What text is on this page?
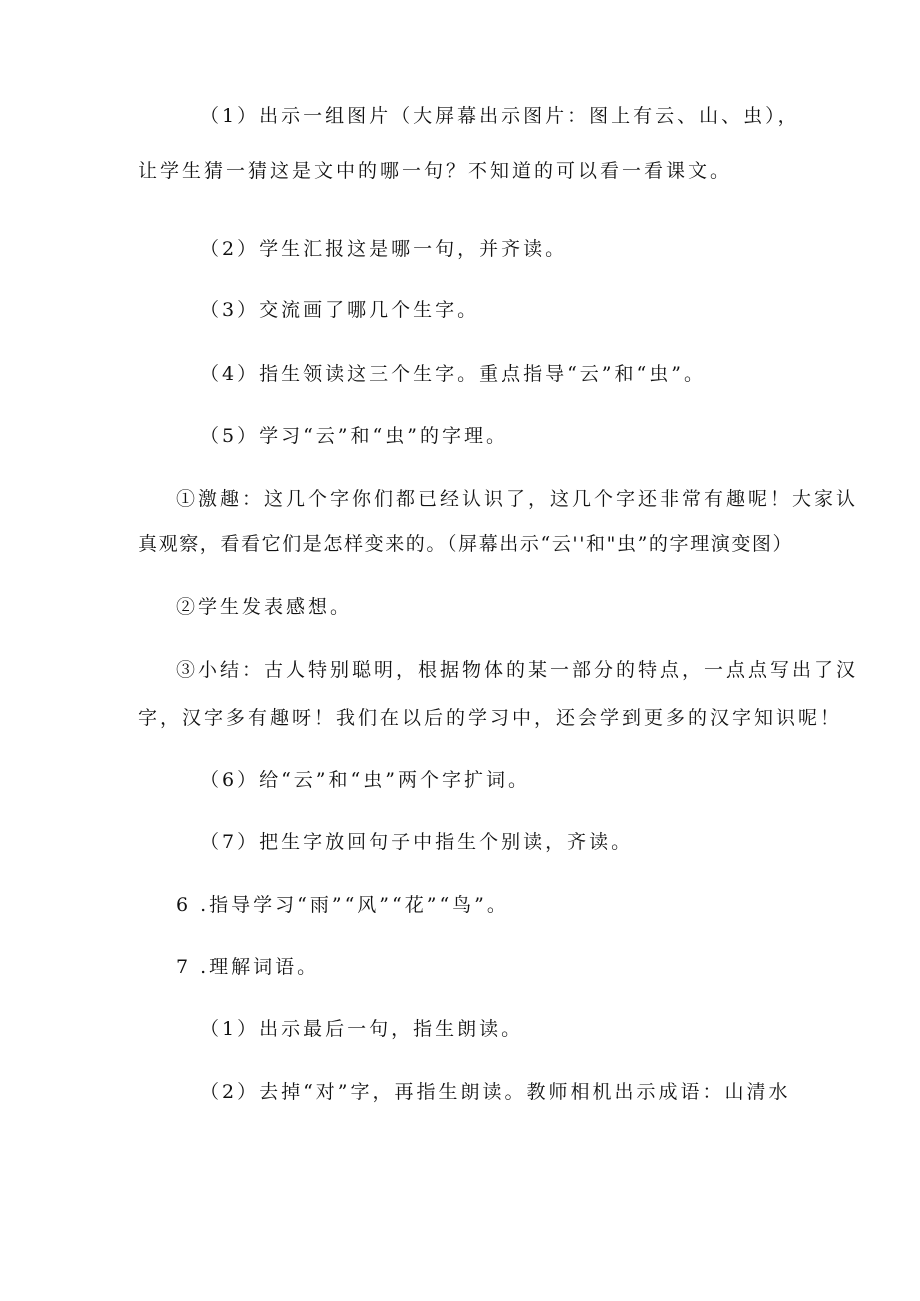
（1）出示一组图片（大屏幕出示图片：图上有云、山、虫），
让学生猜一猜这是文中的哪一句？不知道的可以看一看课文。
（2）学生汇报这是哪一句，并齐读。
（3）交流画了哪几个生字。
（4）指生领读这三个生字。重点指导“云”和“虫”。
（5）学习“云”和“虫”的字理。
①激趣：这几个字你们都已经认识了，这几个字还非常有趣呢！大家认
真观察，看看它们是怎样变来的。（屏幕出示“云''和"虫”的字理演变图）
②学生发表感想。
③小结：古人特别聪明，根据物体的某一部分的特点，一点点写出了汉
字，汉字多有趣呀！我们在以后的学习中，还会学到更多的汉字知识呢！
（6）给“云”和“虫”两个字扩词。
（7）把生字放回句子中指生个别读，齐读。
6 .指导学习“雨”“风”“花”“鸟”。
7 .理解词语。
（1）出示最后一句，指生朗读。
（2）去掉“对”字，再指生朗读。教师相机出示成语：山清水
